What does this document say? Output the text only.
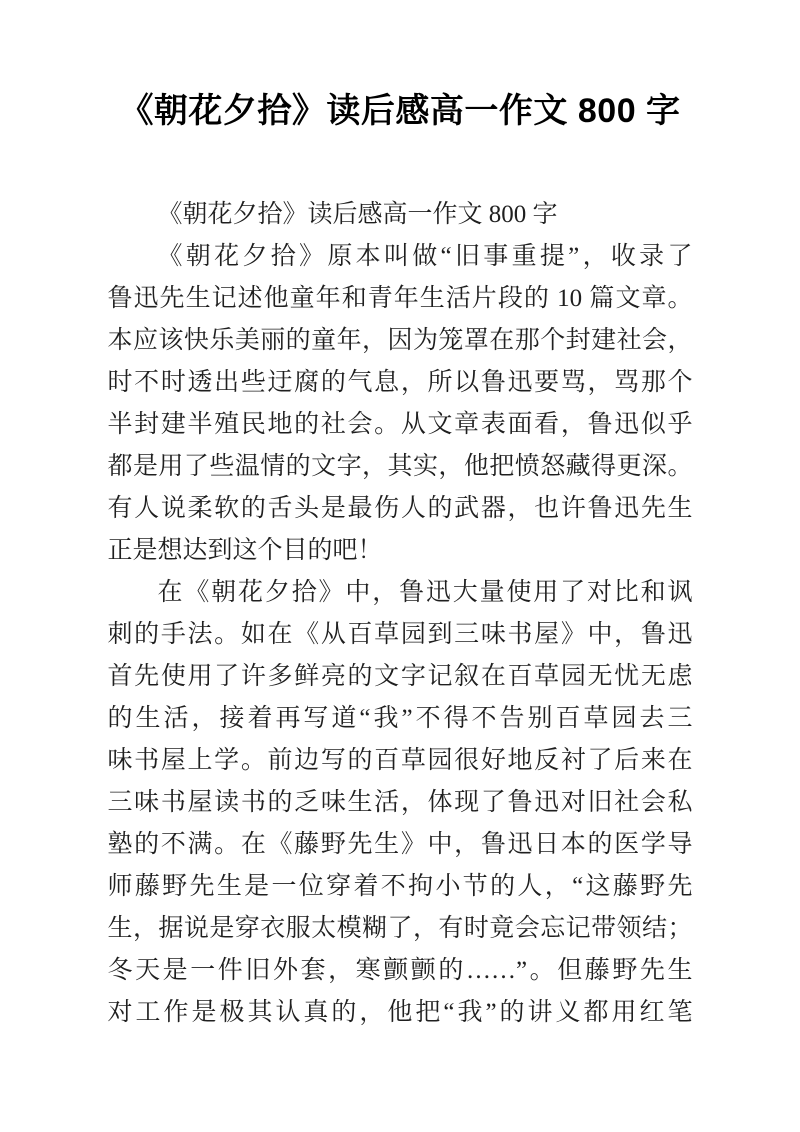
《朝花夕拾》读后感高一作文 800 字
《朝花夕拾》读后感高一作文 800 字
《朝花夕拾》原本叫做“旧事重提”，收录了
鲁迅先生记述他童年和青年生活片段的 10 篇文章。
本应该快乐美丽的童年，因为笼罩在那个封建社会，
时不时透出些迂腐的气息，所以鲁迅要骂，骂那个
半封建半殖民地的社会。从文章表面看，鲁迅似乎
都是用了些温情的文字，其实，他把愤怒藏得更深。
有人说柔软的舌头是最伤人的武器，也许鲁迅先生
正是想达到这个目的吧！
在《朝花夕拾》中，鲁迅大量使用了对比和讽
刺的手法。如在《从百草园到三味书屋》中，鲁迅
首先使用了许多鲜亮的文字记叙在百草园无忧无虑
的生活，接着再写道“我”不得不告别百草园去三
味书屋上学。前边写的百草园很好地反衬了后来在
三味书屋读书的乏味生活，体现了鲁迅对旧社会私
塾的不满。在《藤野先生》中，鲁迅日本的医学导
师藤野先生是一位穿着不拘小节的人，“这藤野先
生，据说是穿衣服太模糊了，有时竟会忘记带领结；
冬天是一件旧外套，寒颤颤的……”。但藤野先生
对工作是极其认真的，他把“我”的讲义都用红笔
